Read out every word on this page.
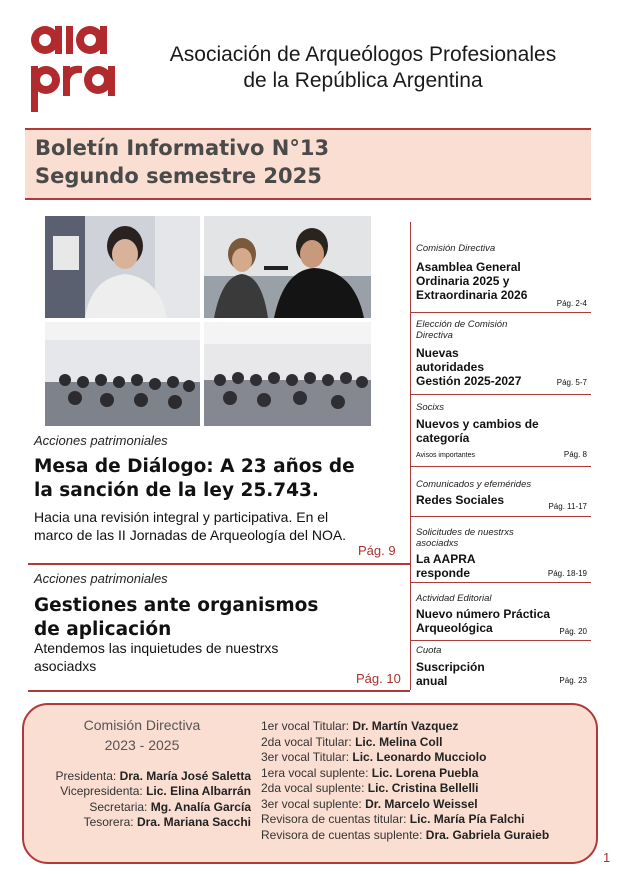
aapra
Asociación de Arqueólogos Profesionales
de la República Argentina
Boletín Informativo N°13
Segundo semestre 2025
Acciones patrimoniales
Mesa de Diálogo: A 23 años de
la sanción de la ley 25.743.
Hacia una revisión integral y participativa. En el
marco de las II Jornadas de Arqueología del NOA.
Pág. 9
Acciones patrimoniales
Gestiones ante organismos
de aplicación
Atendemos las inquietudes de nuestrxs
asociadxs
Pág. 10
Comisión Directiva
Asamblea General
Ordinaria 2025 y
Extraordinaria 2026
Pág. 2-4
Elección de Comisión Directiva
Nuevas
autoridades
Gestión 2025-2027	Pág. 5-7
Socixs
Nuevos y cambios de
categoría
Avisos importantes	Pág. 8
Comunicados y efemérides
Redes Sociales	Pág. 11-17
Solicitudes de nuestrxs asociadxs
La AAPRA
responde	Pág. 18-19
Actividad Editorial
Nuevo número Práctica
Arqueológica	Pág. 20
Cuota
Suscripción
anual	Pág. 23
Comisión Directiva
2023 - 2025
Presidenta: Dra. María José Saletta
Vicepresidenta: Lic. Elina Albarrán
Secretaria: Mg. Analía García
Tesorera: Dra. Mariana Sacchi
1er vocal Titular: Dr. Martín Vazquez
2da vocal Titular: Lic. Melina Coll
3er vocal Titular: Lic. Leonardo Mucciolo
1era vocal suplente: Lic. Lorena Puebla
2da vocal suplente: Lic. Cristina Bellelli
3er vocal suplente: Dr. Marcelo Weissel
Revisora de cuentas titular: Lic. María Pía Falchi
Revisora de cuentas suplente: Dra. Gabriela Guraieb
1
